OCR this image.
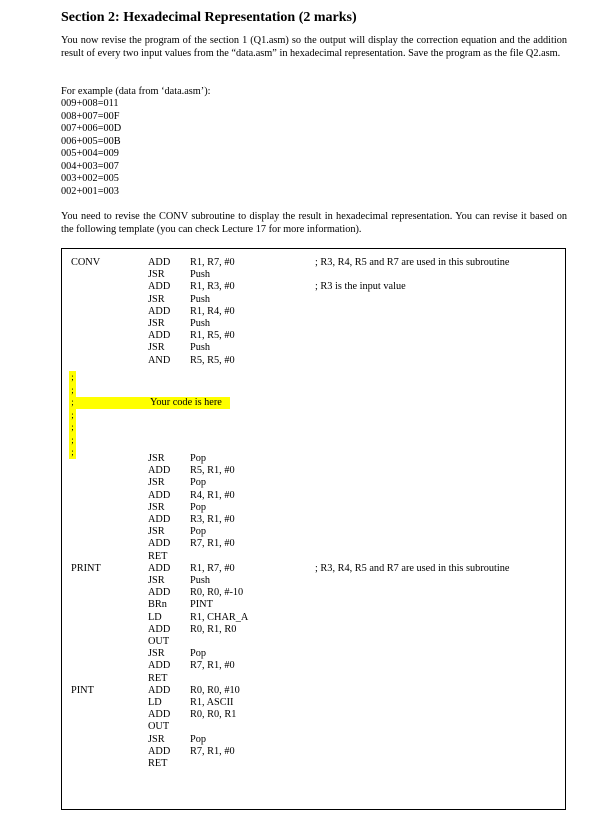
Section 2: Hexadecimal Representation (2 marks)
You now revise the program of the section 1 (Q1.asm) so the output will display the correction equation and the addition result of every two input values from the “data.asm” in hexadecimal representation. Save the program as the file Q2.asm.
For example (data from ‘data.asm’):
009+008=011
008+007=00F
007+006=00D
006+005=00B
005+004=009
004+003=007
003+002=005
002+001=003
You need to revise the CONV subroutine to display the result in hexadecimal representation. You can revise it based on the following template (you can check Lecture 17 for more information).
;
;
;
;
;
;
;
Your code is here
CONV	ADD R1, R7, #0	; R3, R4, R5 and R7 are used in this subroutine
JSR Push
ADD R1, R3, #0	; R3 is the input value
JSR Push
ADD R1, R4, #0
JSR Push
ADD R1, R5, #0
JSR Push
AND R5, R5, #0
JSR Pop
ADD R5, R1, #0
JSR Pop
ADD R4, R1, #0
JSR Pop
ADD R3, R1, #0
JSR Pop
ADD R7, R1, #0
RET
PRINT	ADD R1, R7, #0	; R3, R4, R5 and R7 are used in this subroutine
JSR Push
ADD R0, R0, #-10
BRn PINT
LD	R1, CHAR_A
ADD R0, R1, R0
OUT
JSR Pop
ADD R7, R1, #0
RET
PINT	ADD R0, R0, #10
LD	R1, ASCII
ADD R0, R0, R1
OUT
JSR Pop
ADD R7, R1, #0
RET
